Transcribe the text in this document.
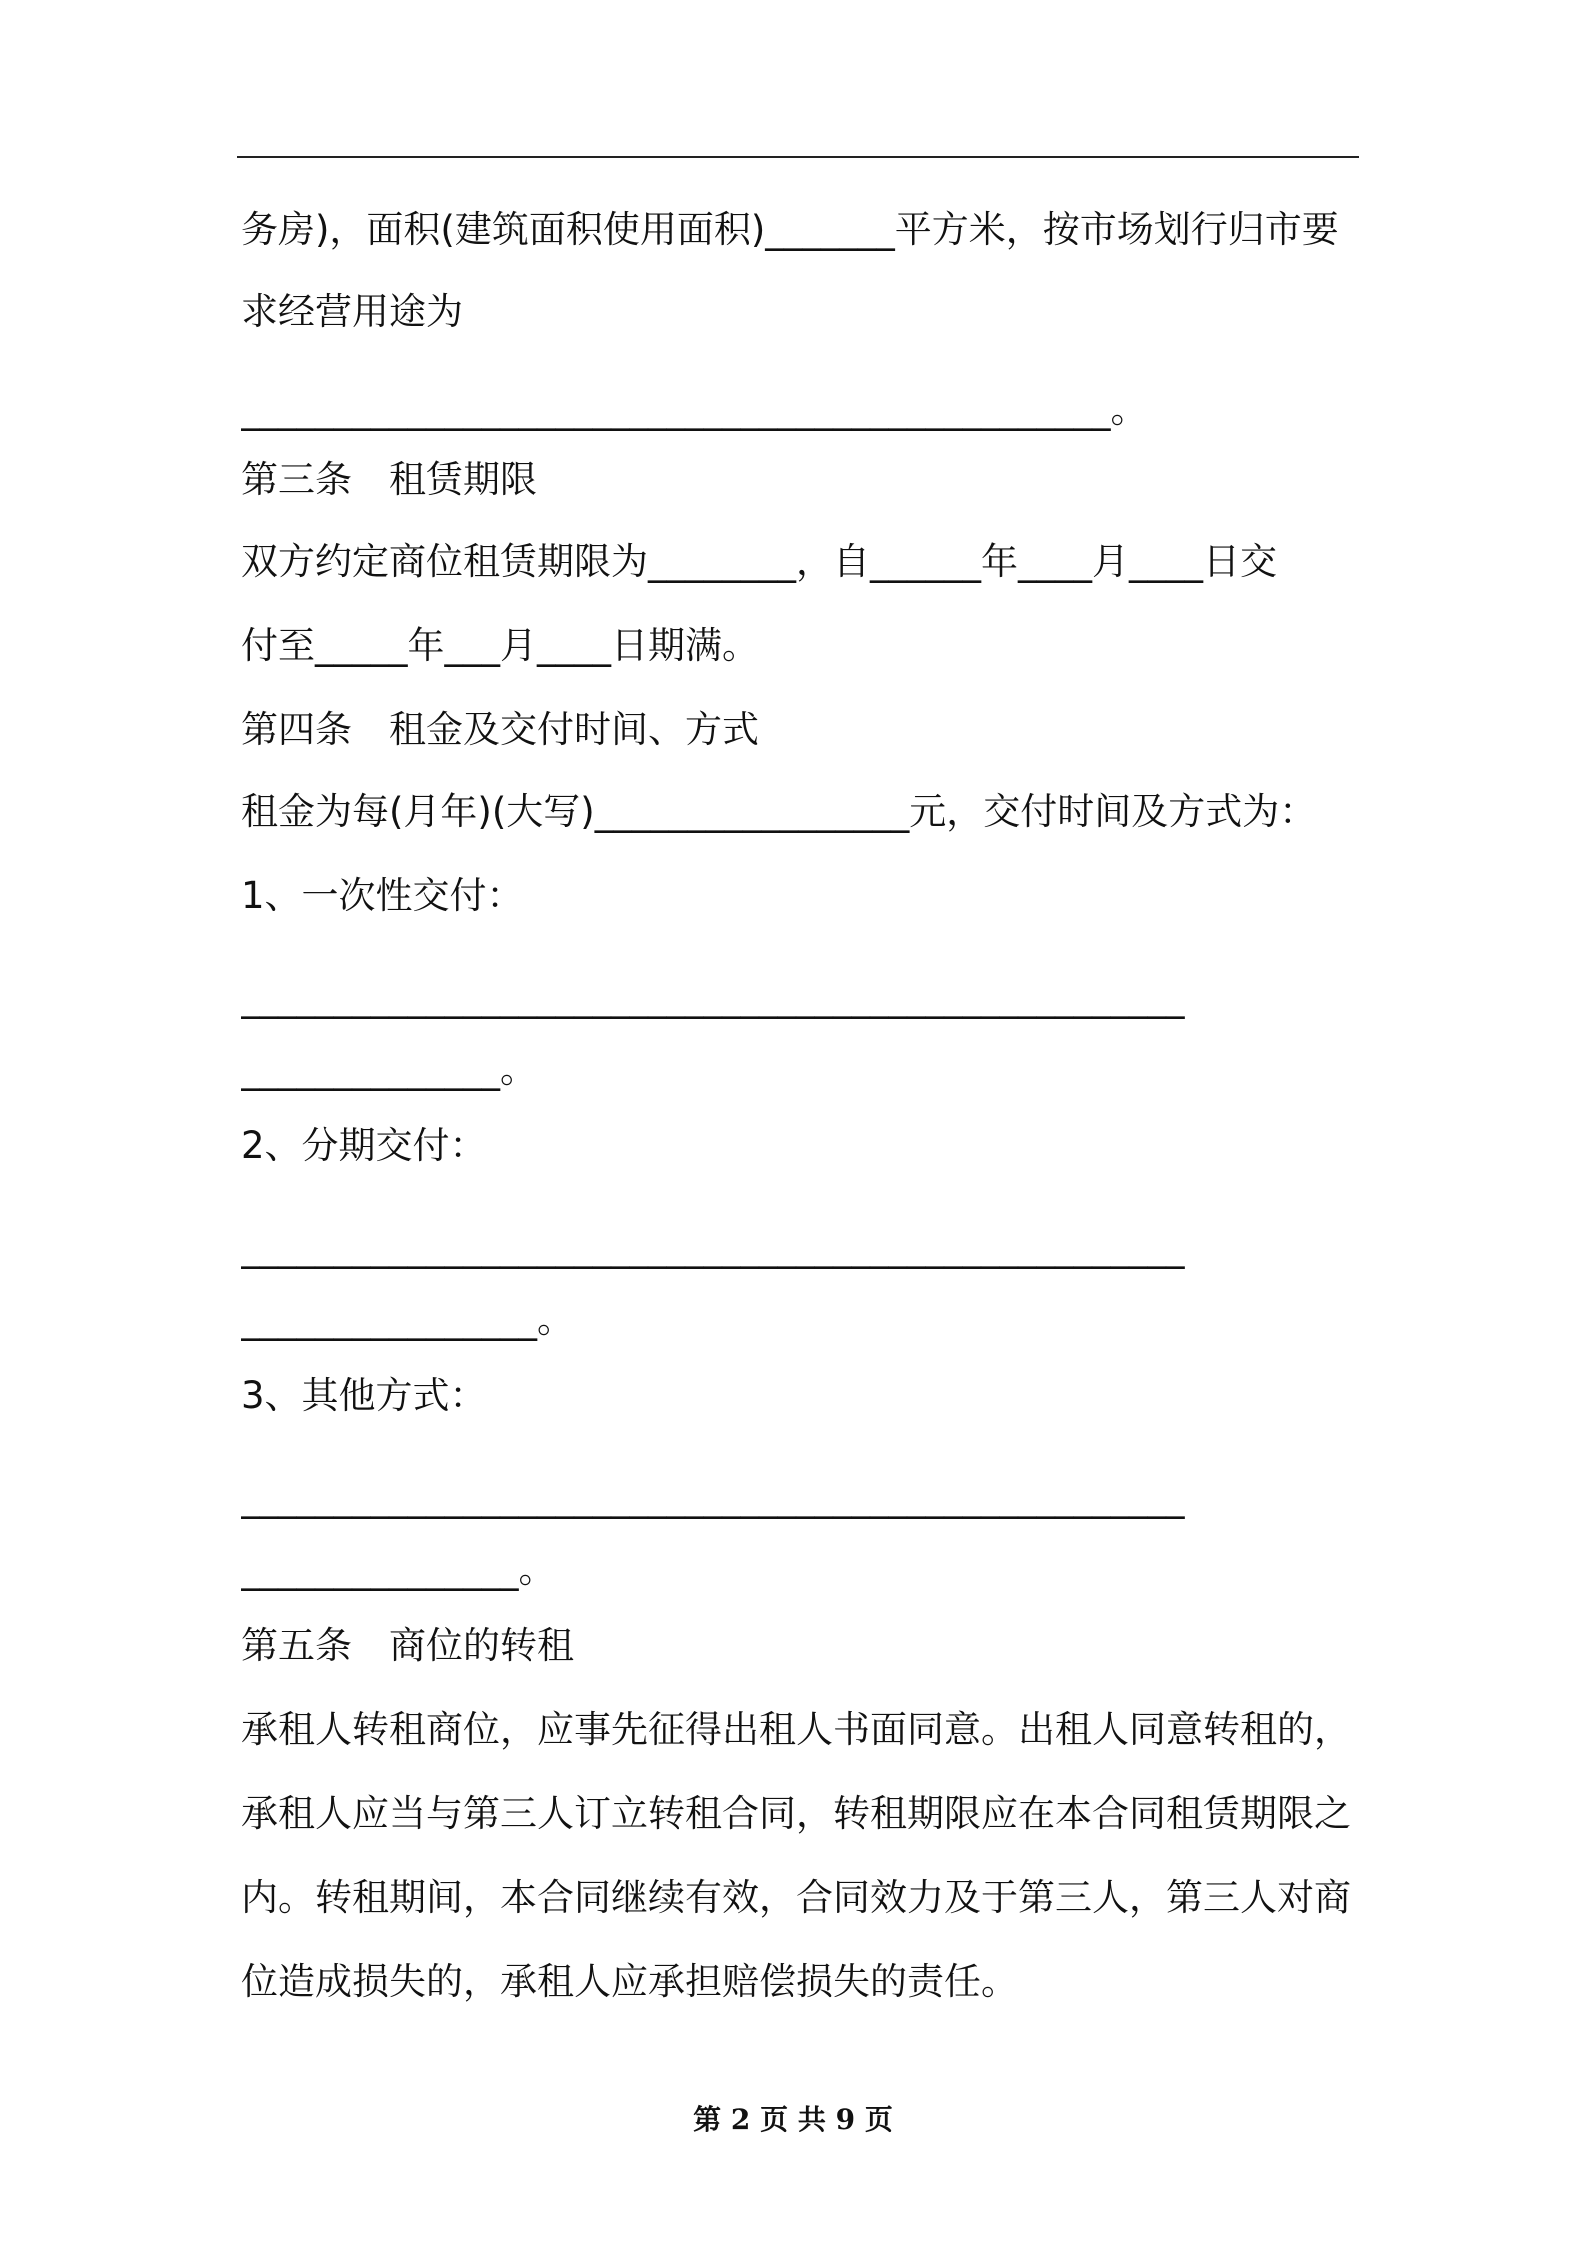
务房)，面积(建筑面积使用面积)_______平方米，按市场划行归市要
求经营用途为
_______________________________________________。
第三条　租赁期限
双方约定商位租赁期限为________，自______年____月____日交
付至_____年___月____日期满。
第四条　租金及交付时间、方式
租金为每(月年)(大写)_________________元，交付时间及方式为：
1、一次性交付：
___________________________________________________
______________。
2、分期交付：
___________________________________________________
________________。
3、其他方式：
___________________________________________________
_______________。
第五条　商位的转租
承租人转租商位，应事先征得出租人书面同意。出租人同意转租的，
承租人应当与第三人订立转租合同，转租期限应在本合同租赁期限之
内。转租期间，本合同继续有效，合同效力及于第三人，第三人对商
位造成损失的，承租人应承担赔偿损失的责任。
第 2 页 共 9 页
